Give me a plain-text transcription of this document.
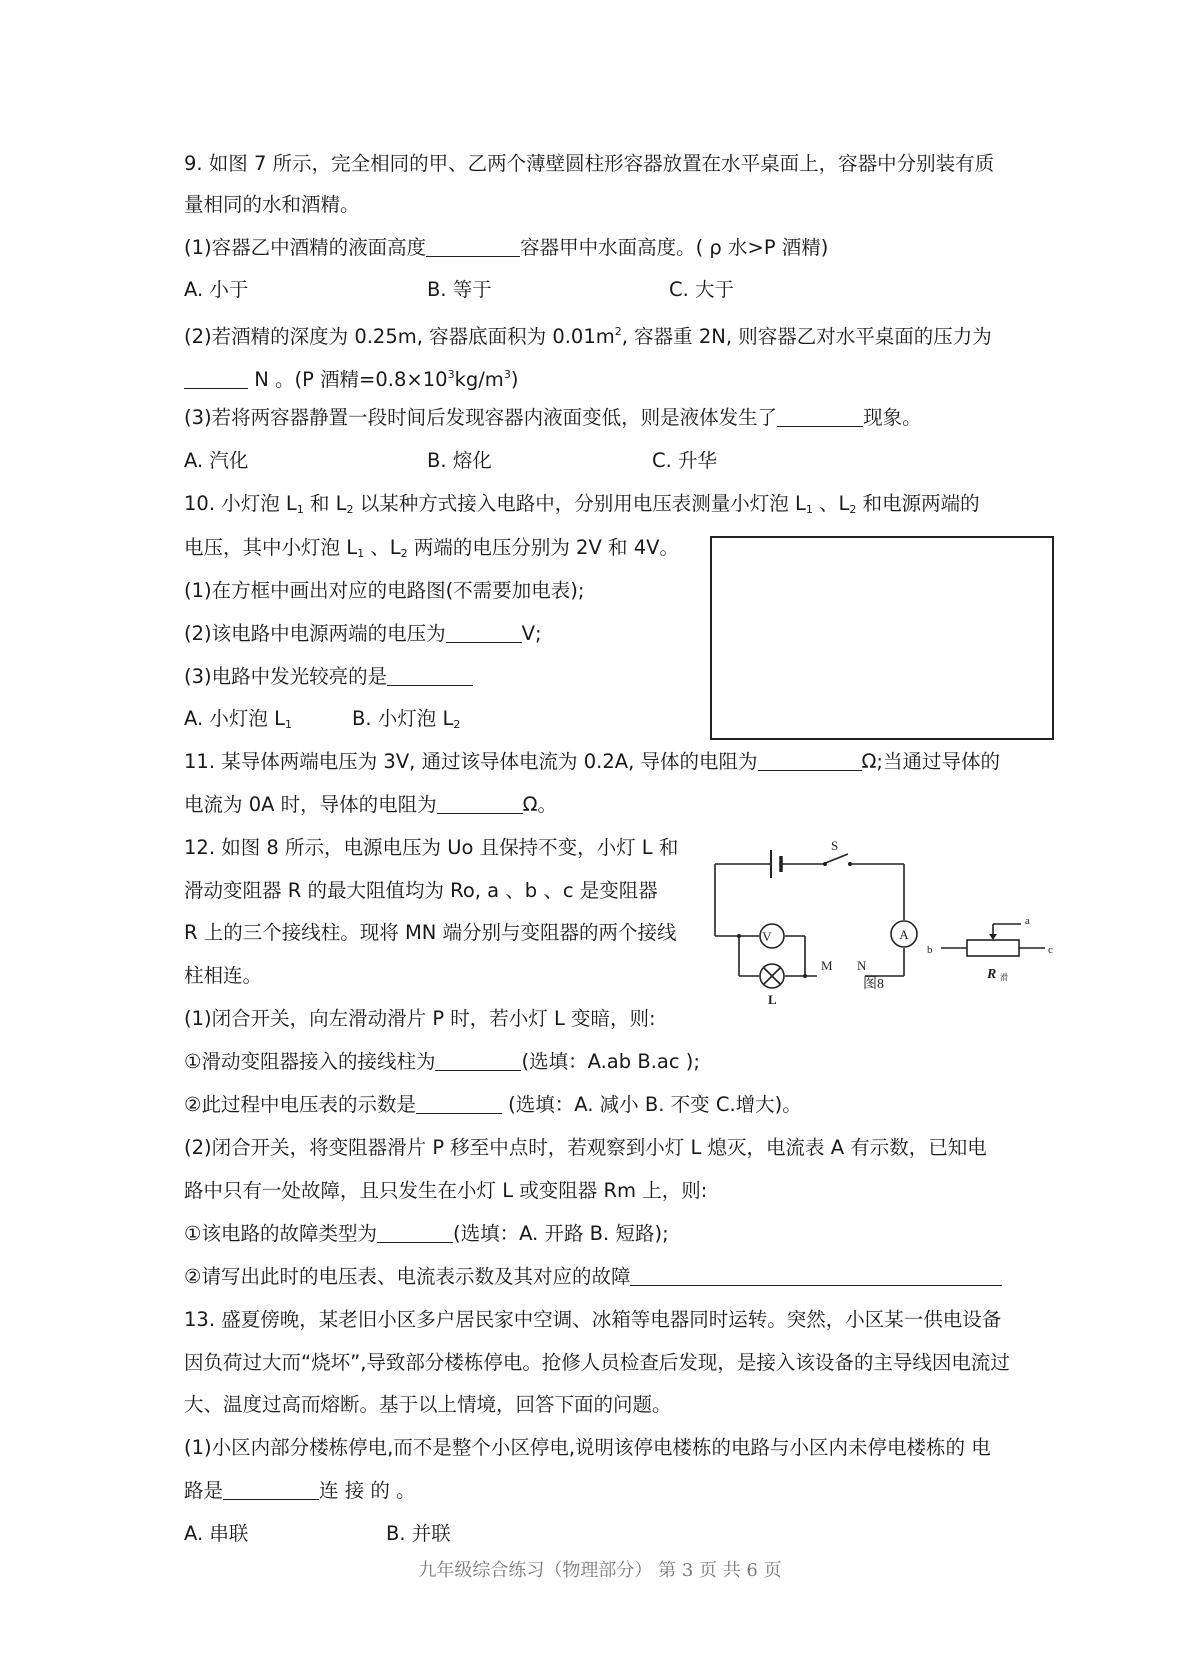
9. 如图 7 所示，完全相同的甲、乙两个薄壁圆柱形容器放置在水平桌面上，容器中分别装有质
量相同的水和酒精。
(1)容器乙中酒精的液面高度	容器甲中水面高度。( ρ 水>P 酒精)
A. 小于	B. 等于	C. 大于
(2)若酒精的深度为 0.25m, 容器底面积为 $0.01m^2$, 容器重 2N, 则容器乙对水平桌面的压力为
N 。(P 酒精$=0.8\times 10^3kg/m^3$)
(3)若将两容器静置一段时间后发现容器内液面变低，则是液体发生了	现象。
A. 汽化	B. 熔化	C. 升华
10. 小灯泡 $L_1$ 和 $L_2$ 以某种方式接入电路中，分别用电压表测量小灯泡 $L_1$ 、$L_2$ 和电源两端的
电压，其中小灯泡 $L_1$ 、$L_2$ 两端的电压分别为 2V 和 4V。
(1)在方框中画出对应的电路图(不需要加电表);
(2)该电路中电源两端的电压为	V;
(3)电路中发光较亮的是
A. 小灯泡 $L_1$	B. 小灯泡 $L_2$
11. 某导体两端电压为 3V, 通过该导体电流为 0.2A, 导体的电阻为	Ω;当通过导体的
电流为 0A 时，导体的电阻为	Ω。
12. 如图 8 所示，电源电压为 Uo 且保持不变，小灯 L 和
滑动变阻器 R 的最大阻值均为 Ro, a 、b 、c 是变阻器
R 上的三个接线柱。现将 MN 端分别与变阻器的两个接线
柱相连。
S
V	A
M N
L
a
b	c
R 滑
图8
(1)闭合开关，向左滑动滑片 P 时，若小灯 L 变暗，则:
①滑动变阻器接入的接线柱为	(选填：A.ab B.ac );
②此过程中电压表的示数是	(选填：A. 减小 B. 不变 C.增大)。
(2)闭合开关，将变阻器滑片 P 移至中点时，若观察到小灯 L 熄灭，电流表 A 有示数，已知电
路中只有一处故障，且只发生在小灯 L 或变阻器 Rm 上，则:
①该电路的故障类型为	(选填：A. 开路 B. 短路);
②请写出此时的电压表、电流表示数及其对应的故障
13. 盛夏傍晚，某老旧小区多户居民家中空调、冰箱等电器同时运转。突然，小区某一供电设备
因负荷过大而“烧坏”,导致部分楼栋停电。抢修人员检查后发现，是接入该设备的主导线因电流过
大、温度过高而熔断。基于以上情境，回答下面的问题。
(1)小区内部分楼栋停电,而不是整个小区停电,说明该停电楼栋的电路与小区内未停电楼栋的 电
路是	连 接 的 。
A. 串联	B. 并联
九年级综合练习（物理部分） 第 3 页 共 6 页
